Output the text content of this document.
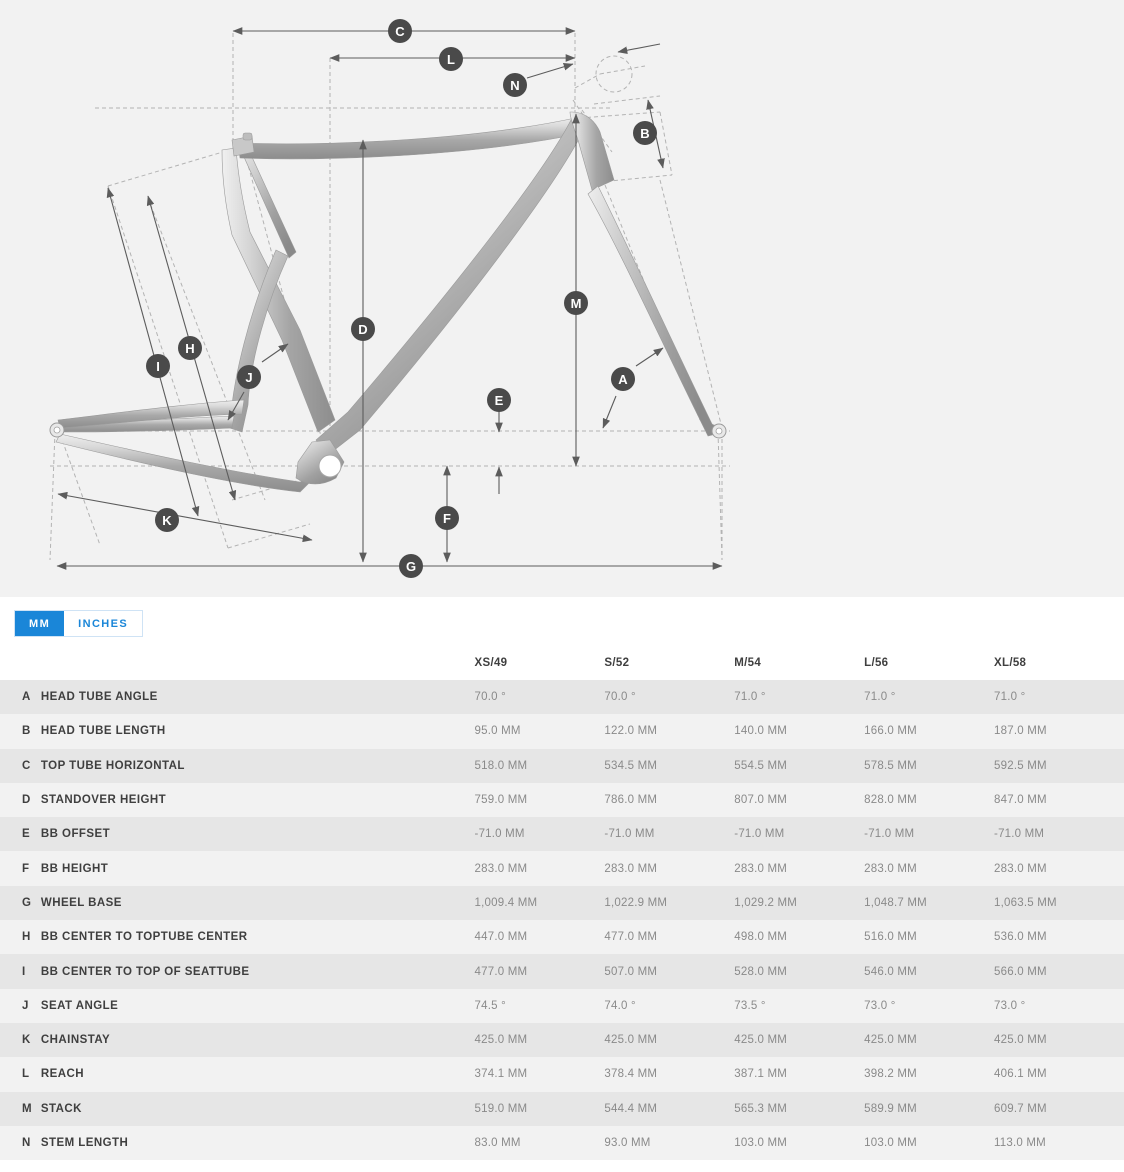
C
L
N
B
M
D
H
I
J	A
E
K	F
G
MM	INCHES
		XS/49	S/52	M/54	L/56	XL/58
A	HEAD TUBE ANGLE	70.0 °	70.0 °	71.0 °	71.0 °	71.0 °
B	HEAD TUBE LENGTH	95.0 MM	122.0 MM	140.0 MM	166.0 MM	187.0 MM
C	TOP TUBE HORIZONTAL	518.0 MM	534.5 MM	554.5 MM	578.5 MM	592.5 MM
D	STANDOVER HEIGHT	759.0 MM	786.0 MM	807.0 MM	828.0 MM	847.0 MM
E	BB OFFSET	-71.0 MM	-71.0 MM	-71.0 MM	-71.0 MM	-71.0 MM
F	BB HEIGHT	283.0 MM	283.0 MM	283.0 MM	283.0 MM	283.0 MM
G	WHEEL BASE	1,009.4 MM	1,022.9 MM	1,029.2 MM	1,048.7 MM	1,063.5 MM
H	BB CENTER TO TOPTUBE CENTER	447.0 MM	477.0 MM	498.0 MM	516.0 MM	536.0 MM
I	BB CENTER TO TOP OF SEATTUBE	477.0 MM	507.0 MM	528.0 MM	546.0 MM	566.0 MM
J	SEAT ANGLE	74.5 °	74.0 °	73.5 °	73.0 °	73.0 °
K	CHAINSTAY	425.0 MM	425.0 MM	425.0 MM	425.0 MM	425.0 MM
L	REACH	374.1 MM	378.4 MM	387.1 MM	398.2 MM	406.1 MM
M	STACK	519.0 MM	544.4 MM	565.3 MM	589.9 MM	609.7 MM
N	STEM LENGTH	83.0 MM	93.0 MM	103.0 MM	103.0 MM	113.0 MM
